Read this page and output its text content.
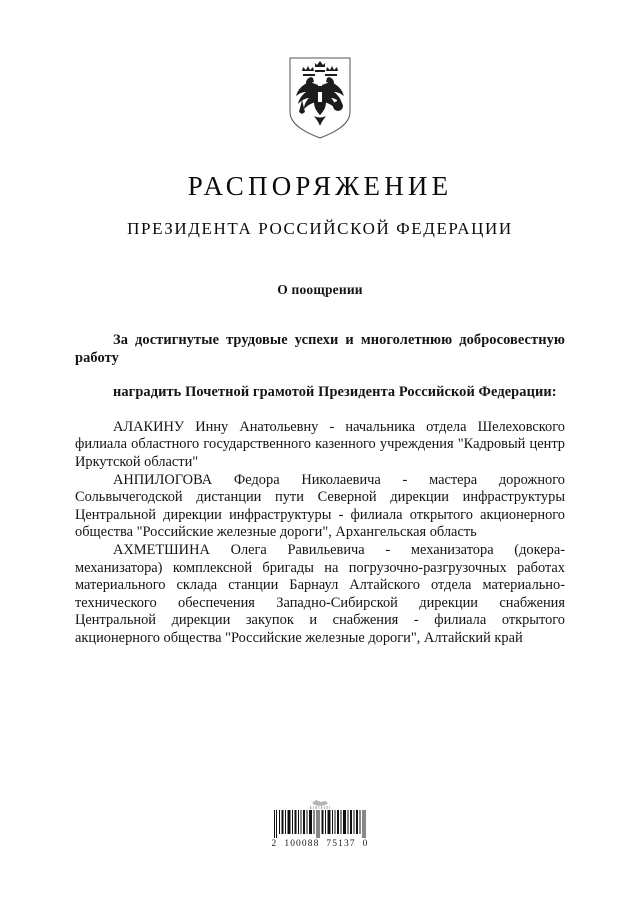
РАСПОРЯЖЕНИЕ
ПРЕЗИДЕНТА РОССИЙСКОЙ ФЕДЕРАЦИИ

О поощрении

За достигнутые трудовые успехи и многолетнюю добросовестную работу

наградить Почетной грамотой Президента Российской Федерации:

АЛАКИНУ Инну Анатольевну - начальника отдела Шелеховского филиала областного государственного казенного учреждения "Кадровый центр Иркутской области"

АНПИЛОГОВА Федора Николаевича - мастера дорожного Сольвычегодской дистанции пути Северной дирекции инфраструктуры Центральной дирекции инфраструктуры - филиала открытого акционерного общества "Российские железные дороги", Архангельская область

АХМЕТШИНА Олега Равильевича - механизатора (докера-механизатора) комплексной бригады на погрузочно-разгрузочных работах материального склада станции Барнаул Алтайского отдела материально-технического обеспечения Западно-Сибирской дирекции снабжения Центральной дирекции закупок и снабжения - филиала открытого акционерного общества "Российские железные дороги", Алтайский край

2  100088  75137  0
